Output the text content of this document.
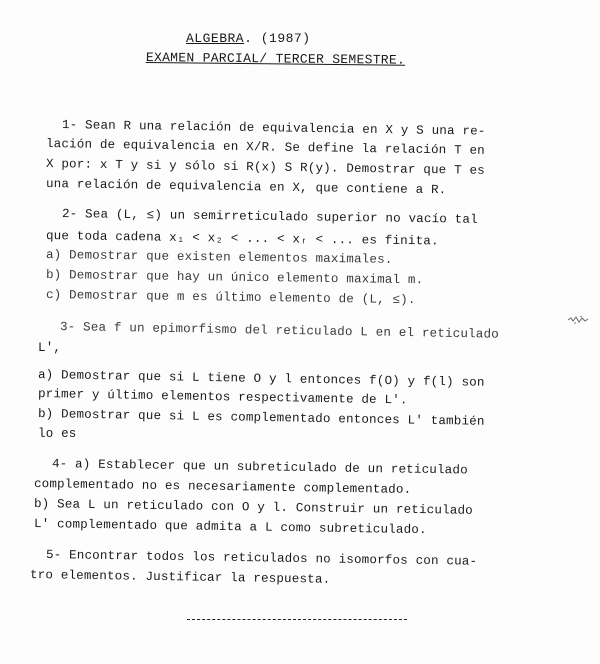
ALGEBRA. (1987)
EXAMEN PARCIAL/ TERCER SEMESTRE.
1- Sean R una relación de equivalencia en X y S una re-
lación de equivalencia en X/R. Se define la relación T en
X por: x T y si y sólo si R(x) S R(y). Demostrar que T es
una relación de equivalencia en X, que contiene a R.
2- Sea (L, ≤) un semirreticulado superior no vacío tal
que toda cadena x₁ < x₂ < ... < xᵣ < ... es finita.
a) Demostrar que existen elementos maximales.
b) Demostrar que hay un único elemento maximal m.
c) Demostrar que m es último elemento de (L, ≤).
3- Sea f un epimorfismo del reticulado L en el reticulado
L',
a) Demostrar que si L tiene O y l entonces f(O) y f(l) son
primer y último elementos respectivamente de L'.
b) Demostrar que si L es complementado entonces L' también
lo es
4- a) Establecer que un subreticulado de un reticulado
complementado no es necesariamente complementado.
b) Sea L un reticulado con O y l. Construir un reticulado
L' complementado que admita a L como subreticulado.
5- Encontrar todos los reticulados no isomorfos con cua-
tro elementos. Justificar la respuesta.
